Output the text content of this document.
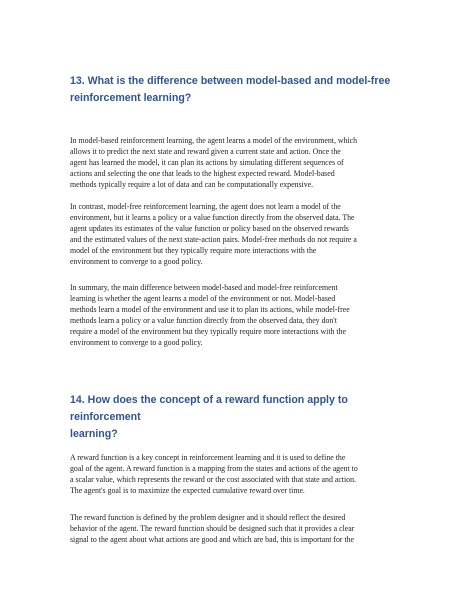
13. What is the difference between model-based and model-free
reinforcement learning?

In model-based reinforcement learning, the agent learns a model of the environment, which
allows it to predict the next state and reward given a current state and action. Once the
agent has learned the model, it can plan its actions by simulating different sequences of
actions and selecting the one that leads to the highest expected reward. Model-based
methods typically require a lot of data and can be computationally expensive.

In contrast, model-free reinforcement learning, the agent does not learn a model of the
environment, but it learns a policy or a value function directly from the observed data. The
agent updates its estimates of the value function or policy based on the observed rewards
and the estimated values of the next state-action pairs. Model-free methods do not require a
model of the environment but they typically require more interactions with the
environment to converge to a good policy.

In summary, the main difference between model-based and model-free reinforcement
learning is whether the agent learns a model of the environment or not. Model-based
methods learn a model of the environment and use it to plan its actions, while model-free
methods learn a policy or a value function directly from the observed data, they don't
require a model of the environment but they typically require more interactions with the
environment to converge to a good policy.

14. How does the concept of a reward function apply to reinforcement
learning?

A reward function is a key concept in reinforcement learning and it is used to define the
goal of the agent. A reward function is a mapping from the states and actions of the agent to
a scalar value, which represents the reward or the cost associated with that state and action.
The agent's goal is to maximize the expected cumulative reward over time.

The reward function is defined by the problem designer and it should reflect the desired
behavior of the agent. The reward function should be designed such that it provides a clear
signal to the agent about what actions are good and which are bad, this is important for the
